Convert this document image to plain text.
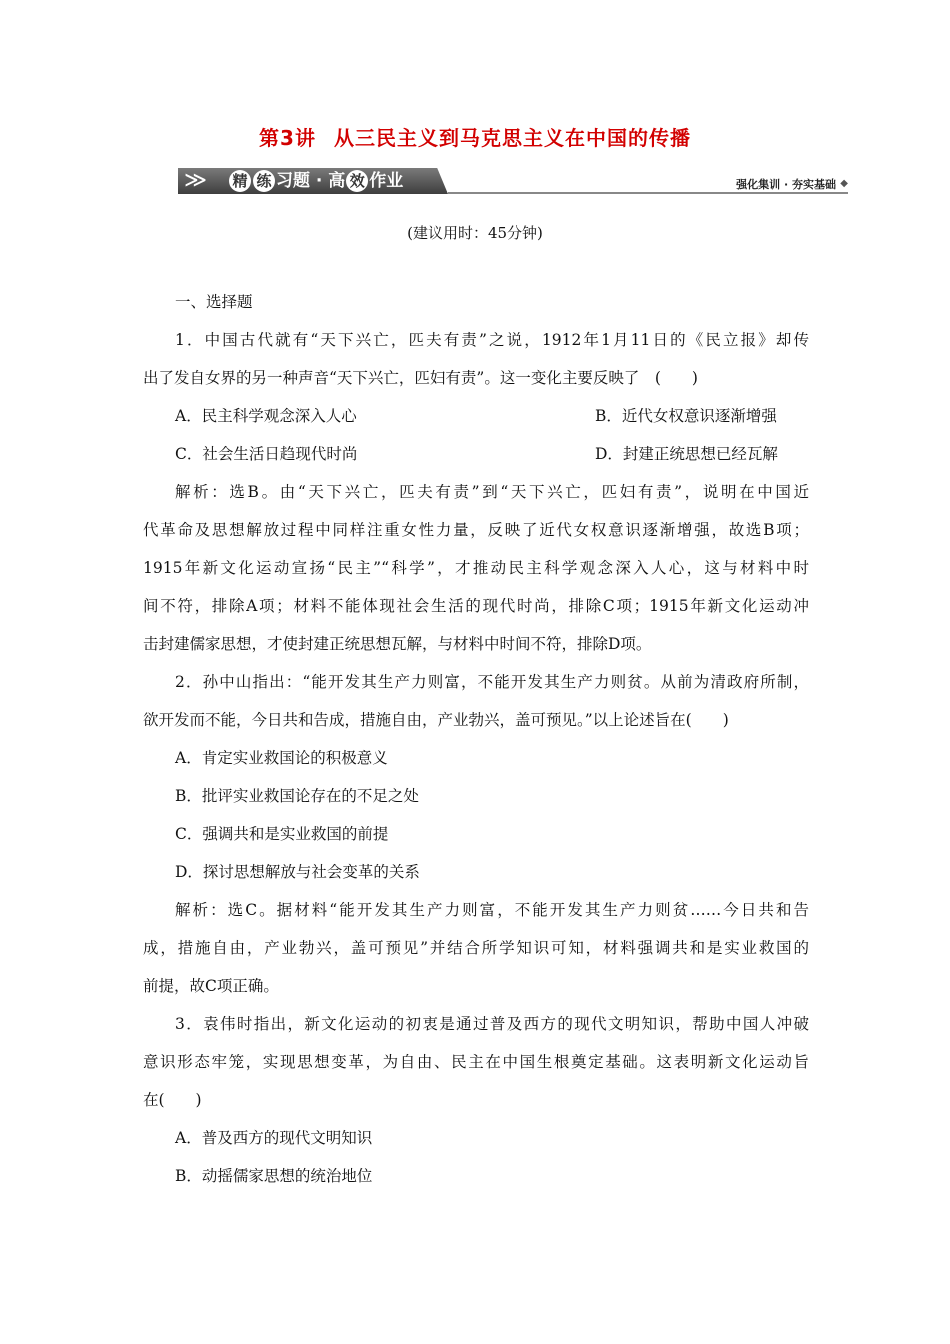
第3讲 从三民主义到马克思主义在中国的传播
≫ 精 练 习题 · 高 效 作业	强化集训 · 夯实基础 ◆
(建议用时：45分钟)
一、选择题
1．中国古代就有“天下兴亡，匹夫有责”之说，1912年1月11日的《民立报》却传
出了发自女界的另一种声音“天下兴亡，匹妇有责”。这一变化主要反映了　(　　)
A．民主科学观念深入人心	B．近代女权意识逐渐增强
C．社会生活日趋现代时尚	D．封建正统思想已经瓦解
解析：选B。由“天下兴亡，匹夫有责”到“天下兴亡，匹妇有责”，说明在中国近
代革命及思想解放过程中同样注重女性力量，反映了近代女权意识逐渐增强，故选B项；
1915年新文化运动宣扬“民主”“科学”，才推动民主科学观念深入人心，这与材料中时
间不符，排除A项；材料不能体现社会生活的现代时尚，排除C项；1915年新文化运动冲
击封建儒家思想，才使封建正统思想瓦解，与材料中时间不符，排除D项。
2．孙中山指出：“能开发其生产力则富，不能开发其生产力则贫。从前为清政府所制，
欲开发而不能，今日共和告成，措施自由，产业勃兴，盖可预见。”以上论述旨在(　　)
A．肯定实业救国论的积极意义
B．批评实业救国论存在的不足之处
C．强调共和是实业救国的前提
D．探讨思想解放与社会变革的关系
解析：选C。据材料“能开发其生产力则富，不能开发其生产力则贫……今日共和告
成，措施自由，产业勃兴，盖可预见”并结合所学知识可知，材料强调共和是实业救国的
前提，故C项正确。
3．袁伟时指出，新文化运动的初衷是通过普及西方的现代文明知识，帮助中国人冲破
意识形态牢笼，实现思想变革，为自由、民主在中国生根奠定基础。这表明新文化运动旨
在(　　)
A．普及西方的现代文明知识
B．动摇儒家思想的统治地位
